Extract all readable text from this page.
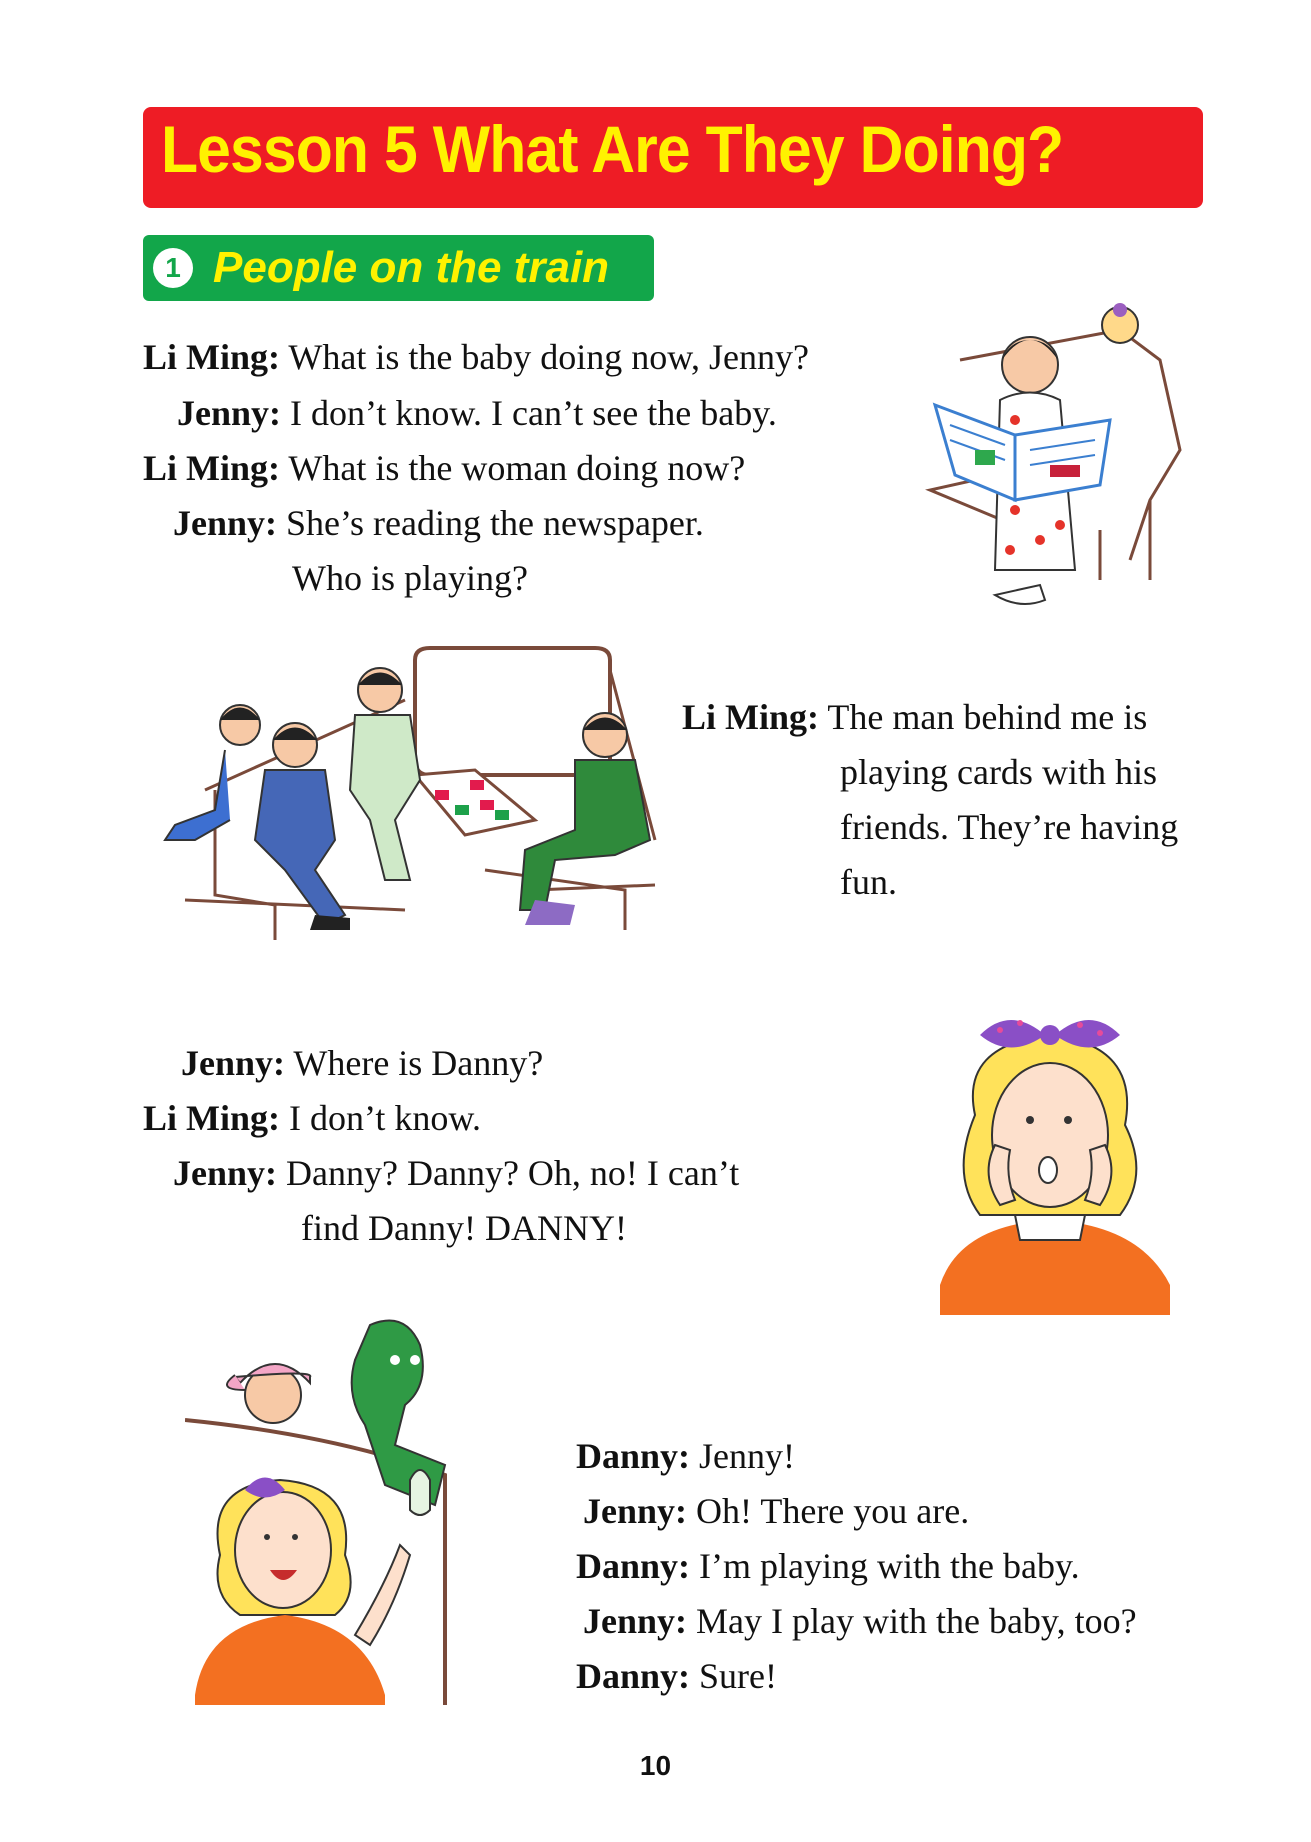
Lesson 5 What Are They Doing?
1 People on the train
Li Ming: What is the baby doing now, Jenny?
Jenny: I don’t know. I can’t see the baby.
Li Ming: What is the woman doing now?
Jenny: She’s reading the newspaper.
Who is playing?
Li Ming: The man behind me is
playing cards with his
friends. They’re having
fun.
Jenny: Where is Danny?
Li Ming: I don’t know.
Jenny: Danny? Danny? Oh, no! I can’t
find Danny! DANNY!
Danny: Jenny!
Jenny: Oh! There you are.
Danny: I’m playing with the baby.
Jenny: May I play with the baby, too?
Danny: Sure!
10
